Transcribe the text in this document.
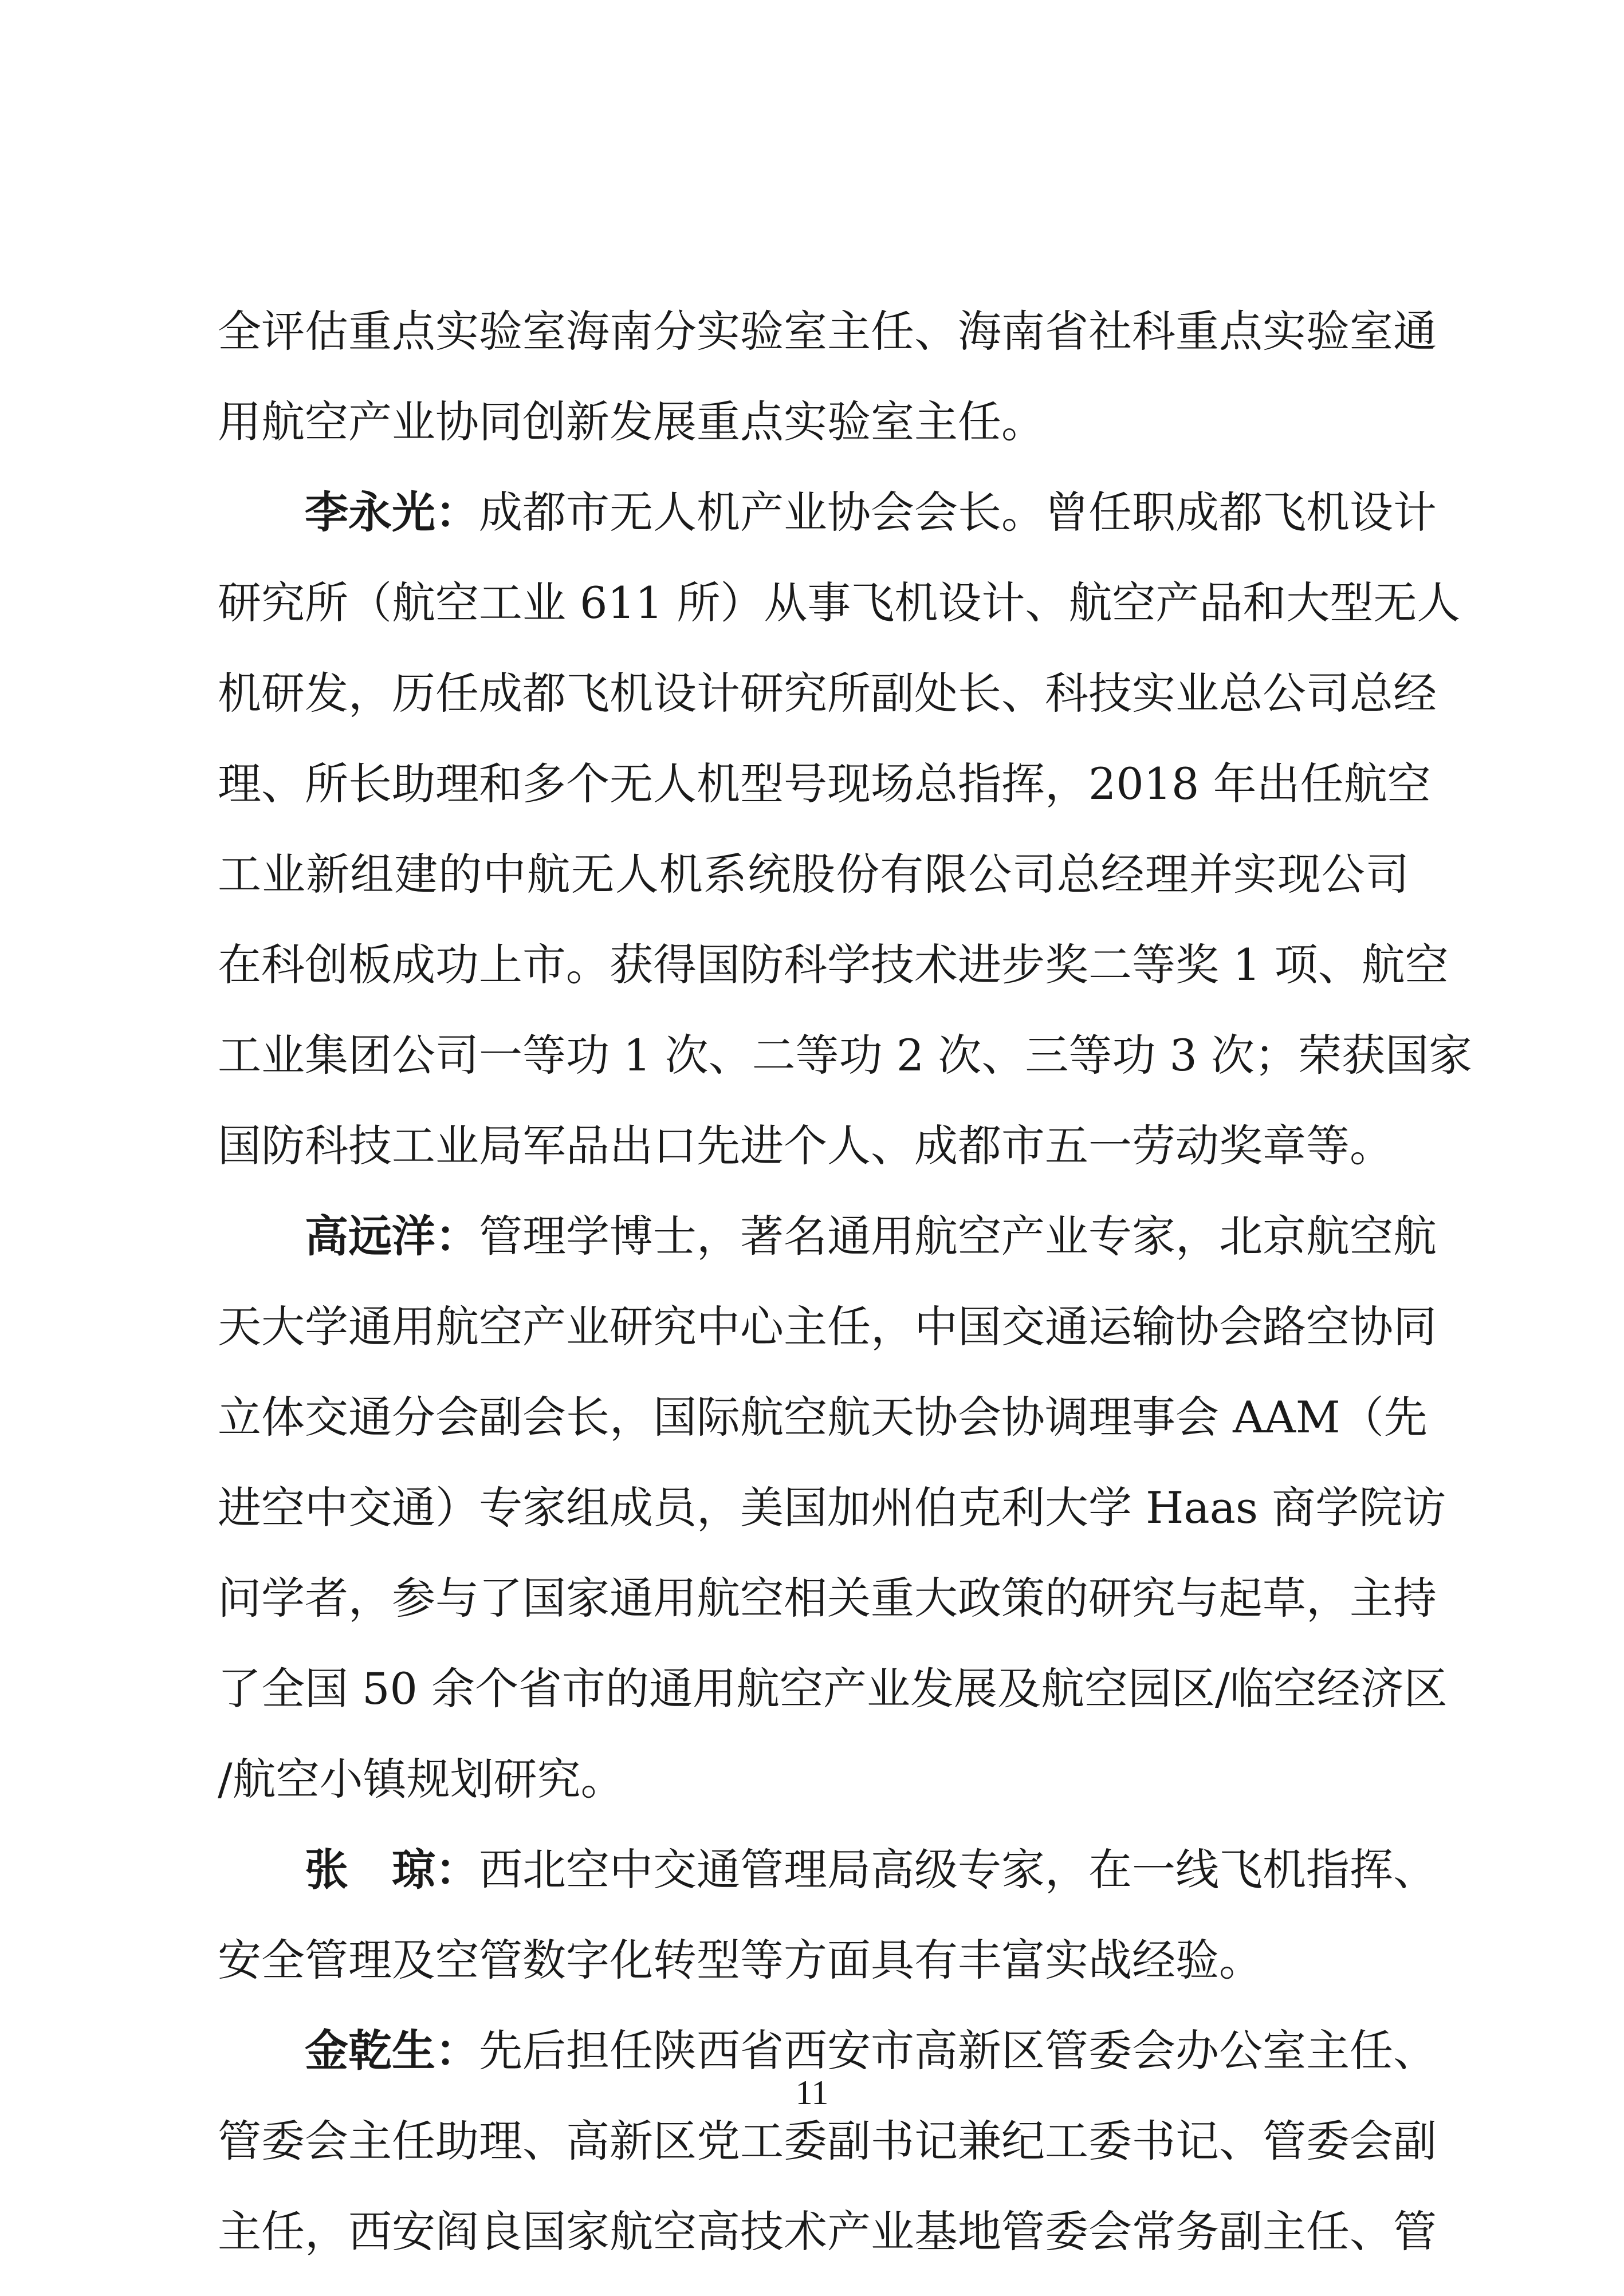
全评估重点实验室海南分实验室主任、海南省社科重点实验室通
用航空产业协同创新发展重点实验室主任。
李永光：成都市无人机产业协会会长。曾任职成都飞机设计
研究所（航空工业 611 所）从事飞机设计、航空产品和大型无人
机研发，历任成都飞机设计研究所副处长、科技实业总公司总经
理、所长助理和多个无人机型号现场总指挥，2018 年出任航空
工业新组建的中航无人机系统股份有限公司总经理并实现公司
在科创板成功上市。获得国防科学技术进步奖二等奖 1 项、航空
工业集团公司一等功 1 次、二等功 2 次、三等功 3 次；荣获国家
国防科技工业局军品出口先进个人、成都市五一劳动奖章等。
高远洋：管理学博士，著名通用航空产业专家，北京航空航
天大学通用航空产业研究中心主任，中国交通运输协会路空协同
立体交通分会副会长，国际航空航天协会协调理事会 AAM（先
进空中交通）专家组成员，美国加州伯克利大学 Haas 商学院访
问学者，参与了国家通用航空相关重大政策的研究与起草，主持
了全国 50 余个省市的通用航空产业发展及航空园区/临空经济区
/航空小镇规划研究。
张　琼：西北空中交通管理局高级专家，在一线飞机指挥、
安全管理及空管数字化转型等方面具有丰富实战经验。
金乾生：先后担任陕西省西安市高新区管委会办公室主任、
管委会主任助理、高新区党工委副书记兼纪工委书记、管委会副
主任，西安阎良国家航空高技术产业基地管委会常务副主任、管
11
